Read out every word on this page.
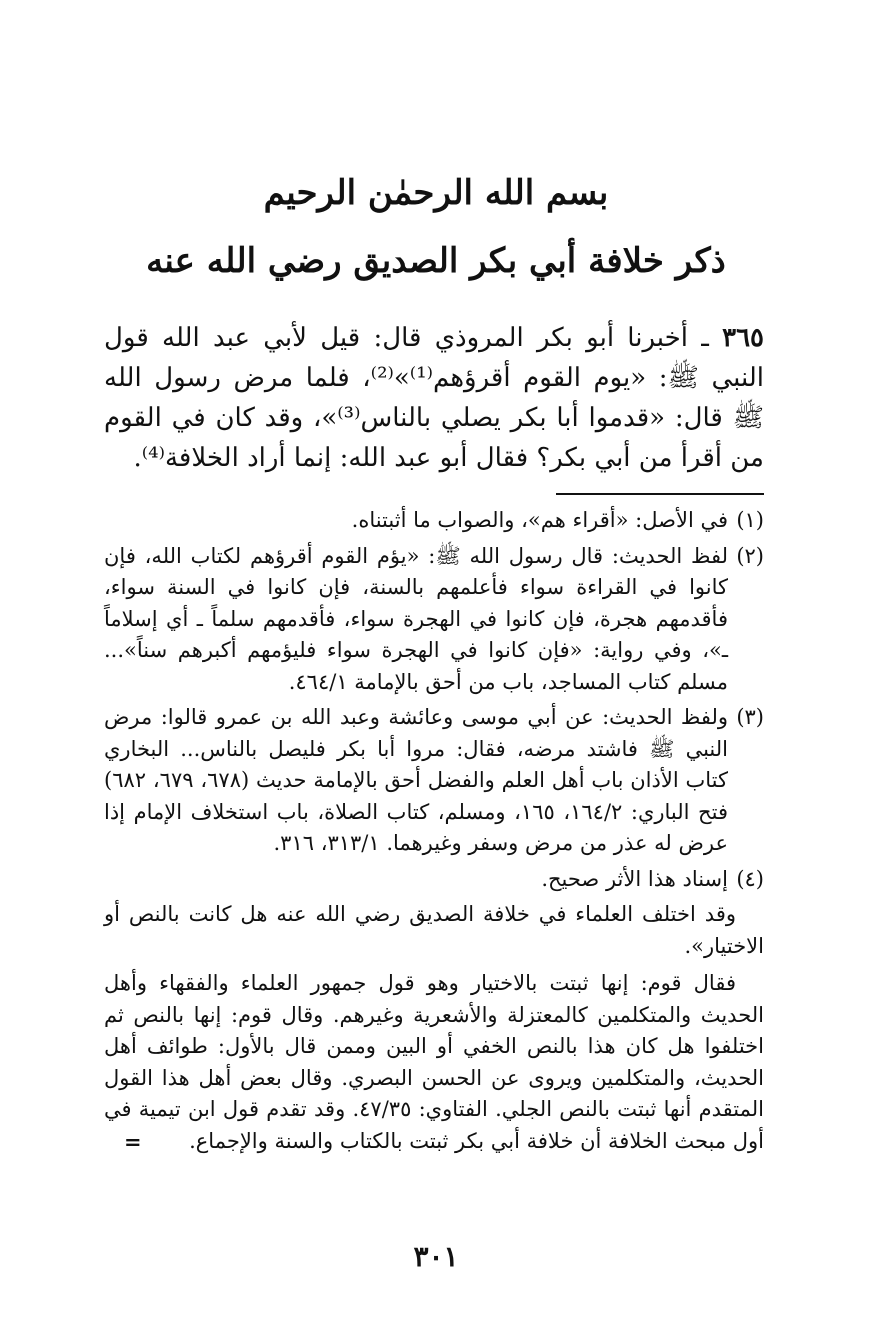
بسم الله الرحمٰن الرحيم

ذكر خلافة أبي بكر الصديق رضي الله عنه

٣٦٥ ـ أخبرنا أبو بكر المروذي قال: قيل لأبي عبد الله قول النبي ﷺ: «يوم القوم أقرؤهم⁽¹⁾»⁽²⁾، فلما مرض رسول الله ﷺ قال: «قدموا أبا بكر يصلي بالناس⁽³⁾»، وقد كان في القوم من أقرأ من أبي بكر؟ فقال أبو عبد الله: إنما أراد الخلافة⁽⁴⁾.

(١)
في الأصل: «أقراء هم»، والصواب ما أثبتناه.

(٢)
لفظ الحديث: قال رسول الله ﷺ: «يؤم القوم أقرؤهم لكتاب الله، فإن كانوا في القراءة سواء فأعلمهم بالسنة، فإن كانوا في السنة سواء، فأقدمهم هجرة، فإن كانوا في الهجرة سواء، فأقدمهم سلماً ـ أي إسلاماً ـ»، وفي رواية: «فإن كانوا في الهجرة سواء فليؤمهم أكبرهم سناً»... مسلم كتاب المساجد، باب من أحق بالإمامة ٤٦٤/١.

(٣)
ولفظ الحديث: عن أبي موسى وعائشة وعبد الله بن عمرو قالوا: مرض النبي ﷺ فاشتد مرضه، فقال: مروا أبا بكر فليصل بالناس... البخاري كتاب الأذان باب أهل العلم والفضل أحق بالإمامة حديث (٦٧٨، ٦٧٩، ٦٨٢) فتح الباري: ١٦٤/٢، ١٦٥، ومسلم، كتاب الصلاة، باب استخلاف الإمام إذا عرض له عذر من مرض وسفر وغيرهما. ٣١٣/١، ٣١٦.

(٤)
إسناد هذا الأثر صحيح.

وقد اختلف العلماء في خلافة الصديق رضي الله عنه هل كانت بالنص أو الاختيار».

فقال قوم: إنها ثبتت بالاختيار وهو قول جمهور العلماء والفقهاء وأهل الحديث والمتكلمين كالمعتزلة والأشعرية وغيرهم. وقال قوم: إنها بالنص ثم اختلفوا هل كان هذا بالنص الخفي أو البين وممن قال بالأول: طوائف أهل الحديث، والمتكلمين ويروى عن الحسن البصري. وقال بعض أهل هذا القول المتقدم أنها ثبتت بالنص الجلي. الفتاوي: ٤٧/٣٥. وقد تقدم قول ابن تيمية في أول مبحث الخلافة أن خلافة أبي بكر ثبتت بالكتاب والسنة والإجماع.
=

٣٠١
